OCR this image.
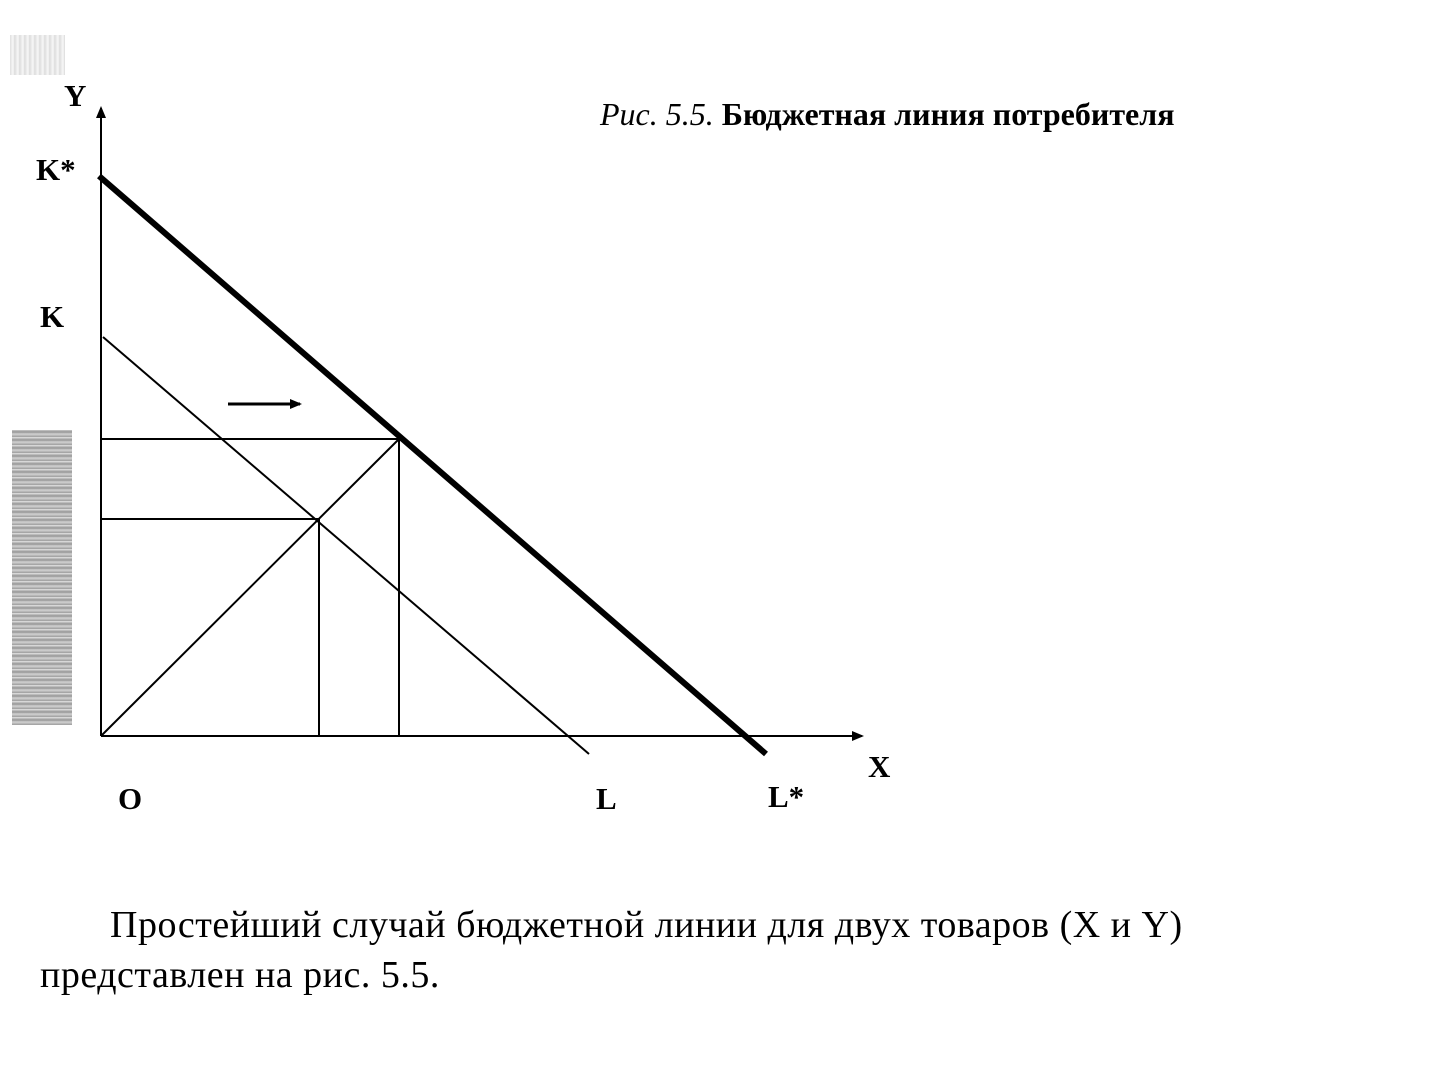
Y
X
O
K*
K
L	L*
Рис. 5.5. Бюджетная линия потребителя
Простейший случай бюджетной линии для двух товаров (X и Y) представлен на рис. 5.5.
